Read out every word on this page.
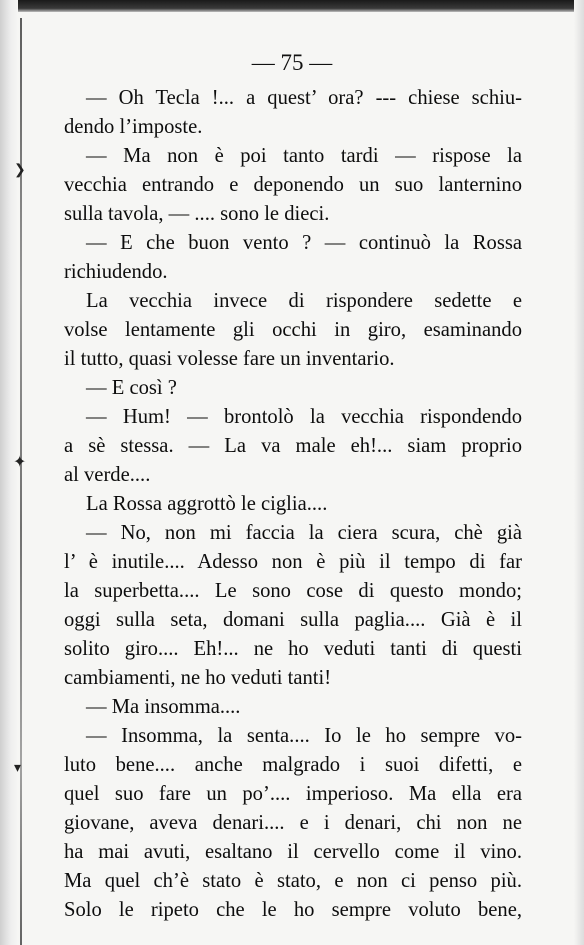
❯
✦
▾
— 75 —
— Oh Tecla !... a quest’ ora? --- chiese schiu-
dendo l’imposte.
— Ma non è poi tanto tardi — rispose la
vecchia entrando e deponendo un suo lanternino
sulla tavola, — .... sono le dieci.
— E che buon vento ? — continuò la Rossa
richiudendo.
La vecchia invece di rispondere sedette e
volse lentamente gli occhi in giro, esaminando
il tutto, quasi volesse fare un inventario.
— E così ?
— Hum! — brontolò la vecchia rispondendo
a sè stessa. — La va male eh!... siam proprio
al verde....
La Rossa aggrottò le ciglia....
— No, non mi faccia la ciera scura, chè già
l’ è inutile.... Adesso non è più il tempo di far
la superbetta.... Le sono cose di questo mondo;
oggi sulla seta, domani sulla paglia.... Già è il
solito giro.... Eh!... ne ho veduti tanti di questi
cambiamenti, ne ho veduti tanti!
— Ma insomma....
— Insomma, la senta.... Io le ho sempre vo-
luto bene.... anche malgrado i suoi difetti, e
quel suo fare un po’.... imperioso. Ma ella era
giovane, aveva denari.... e i denari, chi non ne
ha mai avuti, esaltano il cervello come il vino.
Ma quel ch’è stato è stato, e non ci penso più.
Solo le ripeto che le ho sempre voluto bene,
